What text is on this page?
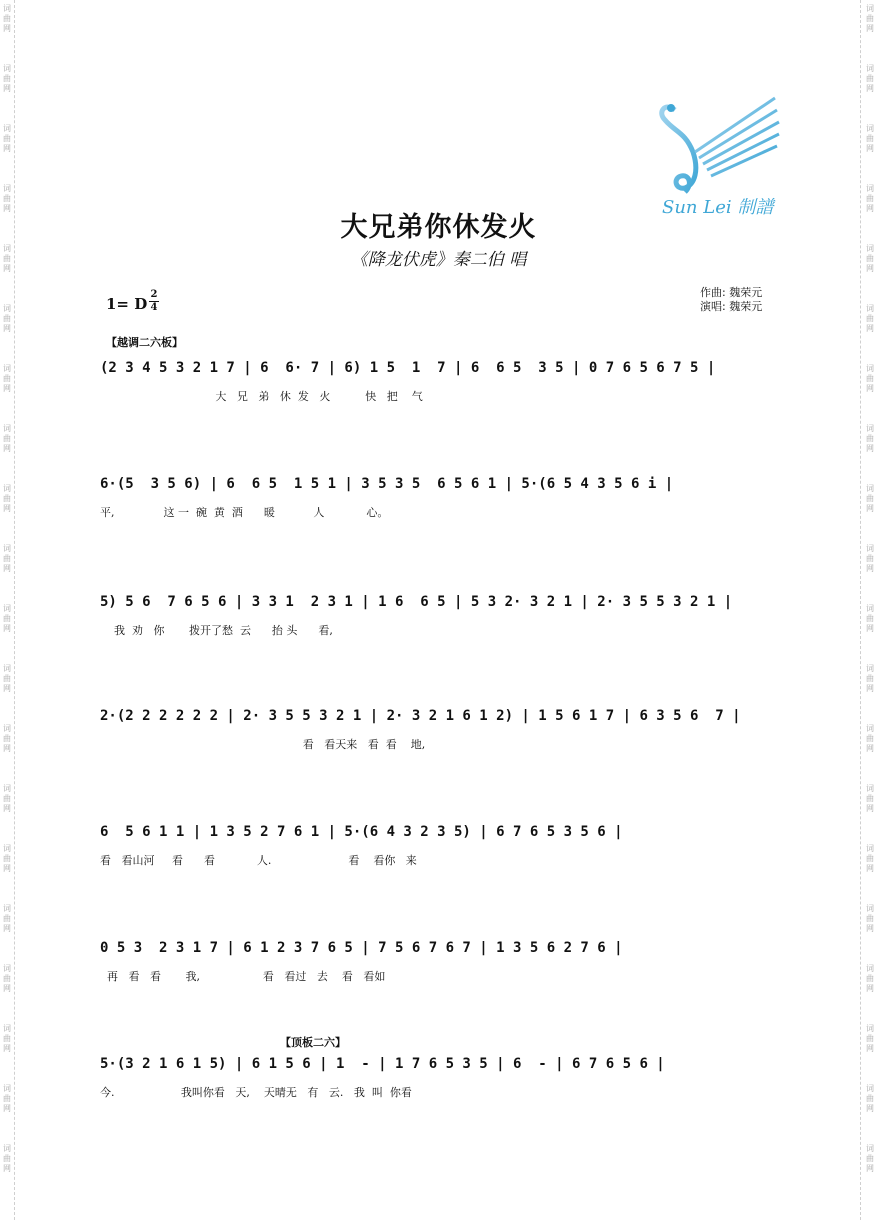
词
曲
网
词
曲
网
词
曲
网
词
曲
网
词
曲
网
词
曲
网
词
曲
网
词
曲
网
词
曲
网
词
曲
网
词
曲
网
词
曲
网
词
曲
网
词
曲
网
词
曲
网
词
曲
网
词
曲
网
词
曲
网
词
曲
网
词
曲
网
词
曲
网
词
曲
网
词
曲
网
词
曲
网
词
曲
网
词
曲
网
词
曲
网
词
曲
网
词
曲
网
词
曲
网
词
曲
网
词
曲
网
词
曲
网
词
曲
网
词
曲
网
词
曲
网
词
曲
网
词
曲
网
词
曲
网
词
曲
网
Sun Lei 制譜
大兄弟你休发火
《降龙伏虎》秦二伯 唱
1= D
2
4
作曲: 魏荣元
演唱: 魏荣元
【越调二六板】
【顶板二六】
(2 3 4 5 3 2 1 7 | 6  6· 7 | 6) 1 5  1  7 | 6  6 5  3 5 | 0 7 6 5 6 7 5 |
大   兄   弟   休  发   火          快   把    气
6·(5  3 5 6) | 6  6 5  1 5 1 | 3 5 3 5  6 5 6 1 | 5·(6 5 4 3 5 6 i |
平,              这 一  碗  黄  酒      暖           人            心。
5) 5 6  7 6 5 6 | 3 3 1  2 3 1 | 1 6  6 5 | 5 3 2· 3 2 1 | 2· 3 5 5 3 2 1 |
我  劝   你       拨开了愁  云      抬 头      看,
2·(2 2 2 2 2 2 | 2· 3 5 5 3 2 1 | 2· 3 2 1 6 1 2) | 1 5 6 1 7 | 6 3 5 6  7 |
看   看天来   看  看    地,
6  5 6 1 1 | 1 3 5 2 7 6 1 | 5·(6 4 3 2 3 5) | 6 7 6 5 3 5 6 |
看   看山河     看      看            人.                      看    看你   来
0 5 3  2 3 1 7 | 6 1 2 3 7 6 5 | 7 5 6 7 6 7 | 1 3 5 6 2 7 6 |
再   看   看       我,                  看   看过   去    看   看如
5·(3 2 1 6 1 5) | 6 1 5 6 | 1  - | 1 7 6 5 3 5 | 6  - | 6 7 6 5 6 |
今.                   我叫你看   天,    天晴无   有   云.   我  叫  你看
